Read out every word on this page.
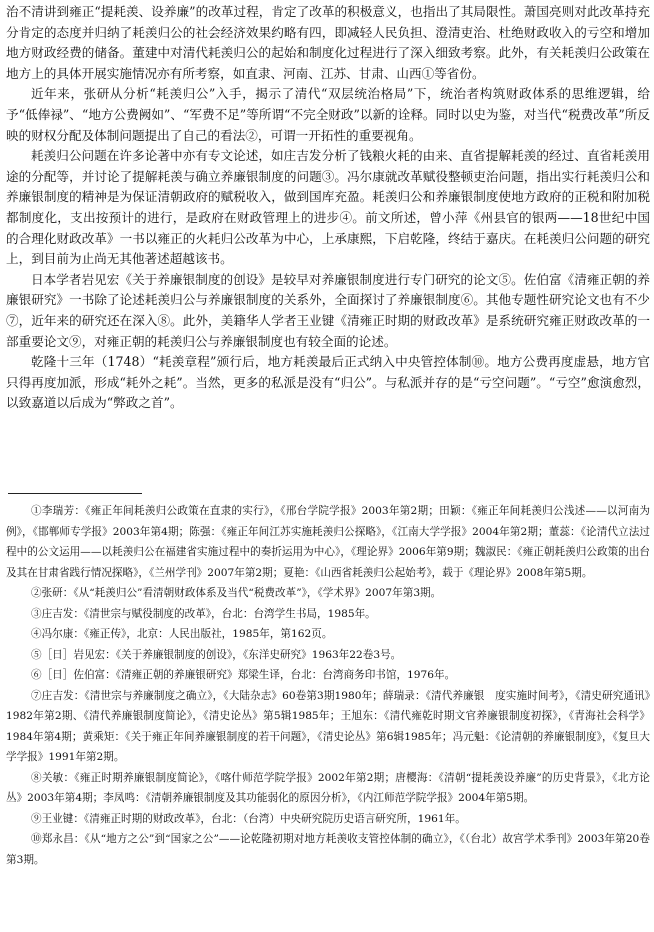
治不清讲到雍正“提耗羡、设养廉”的改革过程，肯定了改革的积极意义，也指出了其局限性。萧国亮则对此改革持充分肯定的态度并归纳了耗羡归公的社会经济效果约略有四，即减轻人民负担、澄清吏治、杜绝财政收入的亏空和增加地方财政经费的储备。董建中对清代耗羡归公的起始和制度化过程进行了深入细致考察。此外，有关耗羡归公政策在地方上的具体开展实施情况亦有所考察，如直隶、河南、江苏、甘肃、山西①等省份。

近年来，张研从分析“耗羡归公”入手，揭示了清代“双层统治格局”下，统治者构筑财政体系的思维逻辑，给予“低俸禄”、“地方公费阙如”、“军费不足”等所谓“不完全财政”以新的诠释。同时以史为鉴，对当代“税费改革”所反映的财权分配及体制问题提出了自己的看法②，可谓一开拓性的重要视角。

耗羡归公问题在许多论著中亦有专文论述，如庄吉发分析了钱粮火耗的由来、直省提解耗羡的经过、直省耗羡用途的分配等，并讨论了提解耗羡与确立养廉银制度的问题③。冯尔康就改革赋役整顿吏治问题，指出实行耗羡归公和养廉银制度的精神是为保证清朝政府的赋税收入，做到国库充盈。耗羡归公和养廉银制度使地方政府的正税和附加税都制度化，支出按预计的进行，是政府在财政管理上的进步④。前文所述，曾小萍《州县官的银两——18世纪中国的合理化财政改革》一书以雍正的火耗归公改革为中心，上承康熙，下启乾隆，终结于嘉庆。在耗羡归公问题的研究上，到目前为止尚无其他著述超越该书。

日本学者岩见宏《关于养廉银制度的创设》是较早对养廉银制度进行专门研究的论文⑤。佐伯富《清雍正朝的养廉银研究》一书除了论述耗羡归公与养廉银制度的关系外，全面探讨了养廉银制度⑥。其他专题性研究论文也有不少⑦，近年来的研究还在深入⑧。此外，美籍华人学者王业键《清雍正时期的财政改革》是系统研究雍正财政改革的一部重要论文⑨，对雍正朝的耗羡归公与养廉银制度也有较全面的论述。

乾隆十三年（1748）“耗羡章程”颁行后，地方耗羡最后正式纳入中央管控体制⑩。地方公费再度虚悬，地方官只得再度加派，形成“耗外之耗”。当然，更多的私派是没有“归公”。与私派并存的是“亏空问题”。“亏空”愈演愈烈，以致嘉道以后成为“弊政之首”。

①李瑞芳：《雍正年间耗羡归公政策在直隶的实行》，《邢台学院学报》2003年第2期；田颖：《雍正年间耗羡归公浅述——以河南为例》，《邯郸师专学报》2003年第4期；陈强：《雍正年间江苏实施耗羡归公探略》，《江南大学学报》2004年第2期；董蕊：《论清代立法过程中的公文运用——以耗羡归公在福建省实施过程中的奏折运用为中心》，《理论界》2006年第9期；魏淑民：《雍正朝耗羡归公政策的出台及其在甘肃省践行情况探略》，《兰州学刊》2007年第2期；夏艳：《山西省耗羡归公起始考》，载于《理论界》2008年第5期。

②张研：《从“耗羡归公”看清朝财政体系及当代“税费改革”》，《学术界》2007年第3期。

③庄吉发：《清世宗与赋役制度的改革》，台北：台湾学生书局，1985年。

④冯尔康：《雍正传》，北京：人民出版社，1985年，第162页。

⑤［日］岩见宏：《关于养廉银制度的创设》，《东洋史研究》1963年22卷3号。

⑥［日］佐伯富：《清雍正朝的养廉银研究》郑梁生译，台北：台湾商务印书馆，1976年。

⑦庄吉发：《清世宗与养廉制度之确立》，《大陆杂志》60卷第3期1980年；薛瑞录：《清代养廉银　度实施时间考》，《清史研究通讯》1982年第2期、《清代养廉银制度简论》，《清史论丛》第5辑1985年；王旭东：《清代雍乾时期文官养廉银制度初探》，《青海社会科学》1984年第4期；黄乘矩：《关于雍正年间养廉银制度的若干问题》，《清史论丛》第6辑1985年；冯元魁：《论清朝的养廉银制度》，《复旦大学学报》1991年第2期。

⑧关敏：《雍正时期养廉银制度简论》，《喀什师范学院学报》2002年第2期；唐樱海：《清朝“提耗羡设养廉”的历史背景》，《北方论丛》2003年第4期；李凤鸣：《清朝养廉银制度及其功能弱化的原因分析》，《内江师范学院学报》2004年第5期。

⑨王业键：《清雍正时期的财政改革》，台北：（台湾）中央研究院历史语言研究所，1961年。

⑩郑永昌：《从“地方之公”到“国家之公”——论乾隆初期对地方耗羡收支管控体制的确立》，《（台北）故宫学术季刊》2003年第20卷第3期。
